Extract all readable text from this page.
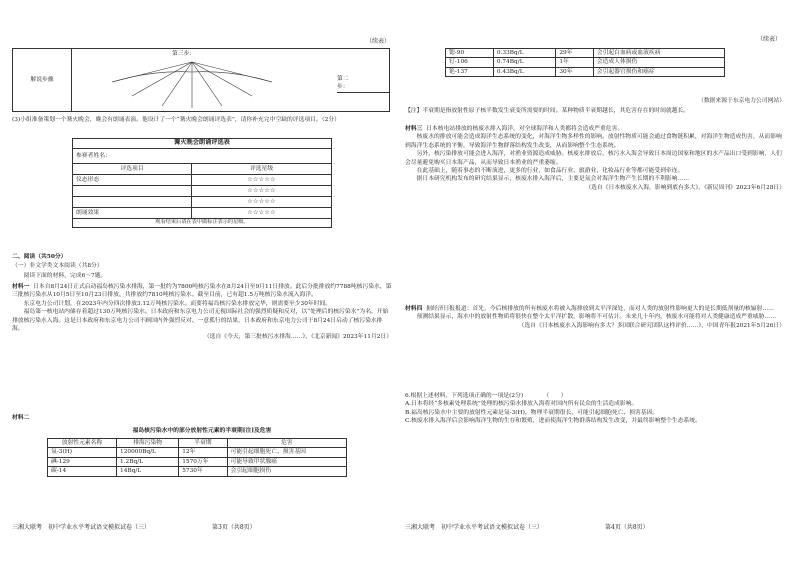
（续表）
解说步骤	
第三步：
第二步：

(3)小组准备策划一个篝火晚会，晚会有朗诵表演。他设计了一个“篝火晚会朗诵评选表”，请你补充完中空缺的评选项目。（2分）

篝火晚会朗诵评选表	
参赛者姓名：	
评选项目	评选星级
仪态形态	☆☆☆☆☆
	☆☆☆☆☆
	☆☆☆☆☆
朗诵效果	☆☆☆☆☆
观看结束后请在表中做标注表示的星级。	

二、阅读（共50分）

（一）非文学类文本阅读（共8分）

阅读下面的材料，完成6～7题。

材料一 日本自8月24日正式启动福岛核污染水排海，第一批约为7800吨核污染水在8月24日至9月11日排放。此后分批排放约7788吨核污染水，第三批核污染水从10月5日至10月23日排放，共排放约7810吨核污染水。截至目前，已有超1.5万吨核污染水流入海洋。

东京电力公司计划，在2023年内分四次排放3.12万吨核污染水。而要将福岛核污染水排放完毕，则需要至少30年时间。

福岛第一核电站内储存着超过130万吨核污染水。日本政府和东京电力公司无视国际社会的强烈质疑和反对，以“处理后的核污染水”为名，开始排放核污染水入海。这是日本政府和东京电力公司不顾国内外强烈反对、一意孤行的结果，日本政府和东京电力公司于8月24日启动了核污染水排海。

（选自《今天，第三批核污水排海……》，《北京新闻》2023年11月2日）

材料二

福岛核污染水中的部分放射性元素的半衰期[注]及危害

放射性元素名称	排海污染物	半衰期	危害
氚-3(H)	120000Bq/L	12年	可能引起细胞死亡、损害基因
碘-129	1.2Bq/L	1570万年	可能导致甲状腺癌
碳-14	14Bq/L	5730年	会引起细胞损伤
三湘大联考　初中学业水平考试语文模拟试卷（三）	第3页（共8页）
（续表）
锶-90	0.33Bq/L	29年	会引起白血病或血液疾病
钌-106	0.74Bq/L	1年	会造成人体损伤
铯-137	0.43Bq/L	30年	会引起器官损伤和癌症

（数据来源于东京电力公司网站）

【注】半衰期是指放射性原子核半数发生衰变所需要的时间。某种物质半衰期越长，其危害存在的时间就越长。

材料三 日本核电站排放的核废水排入海洋，对全球海洋和人类都将会造成严重危害。

核废水的排放可能会造成海洋生态系统的变化，对海洋生物多样性的影响。放射性物质可能会通过食物链积累，对海洋生物造成伤害，从而影响到海洋生态系统的平衡，导致海洋生物群落结构发生改变，从而影响整个生态系统。

另外，核污染排放可能会进入海洋，对渔业资源造成威胁。核废水排放后，核污水入海会导致日本周边国家和地区的水产品出口受到影响，人们会尽量避免购买日本海产品，从而导致日本渔业的严重萎缩。

在此基础上，随着事态的不断演进，更多的行业，如食品行业、旅游业、化妆品行业等都可能受到牵连。

据日本研究机构发布的研究结果显示，核废水排入海洋后，主要是氚会对海洋生物产生长期的不利影响……

（选自《日本核废水入海，影响到底有多大》，《新民周刊》2023年6月28日）

材料四 据经济日报报道：首先，今后核排放的所有核废水将被入海排放到太平洋深处，而对人类的放射性影响更大的是长期低剂量的核辐射……

预测结果显示，海水中的放射性物质将很快在整个太平洋扩散，影响将不可估计。未来几十年内，核废水可能将对人类健康造成严重威胁……

（选自《日本核废水入海影响有多大？多国联合研究团队这样评价……》，中国青年报2021年5月26日）

6.根据上述材料，下列选项正确的一项是(2分)　　　　（　　）

A.日本将经“多核素处理系统”处理的核污染水排放入海将对国内所有民众的生活造成影响。

B.福岛核污染水中主要的放射性元素是氚-3(H)，物理半衰期很长，可能引起细胞死亡、损害基因。

C.核废水排入海洋后会影响海洋生物的生存和繁殖，进而使海洋生物群落结构发生改变，并最终影响整个生态系统。

三湘大联考　初中学业水平考试语文模拟试卷（三）	第4页（共8页）
